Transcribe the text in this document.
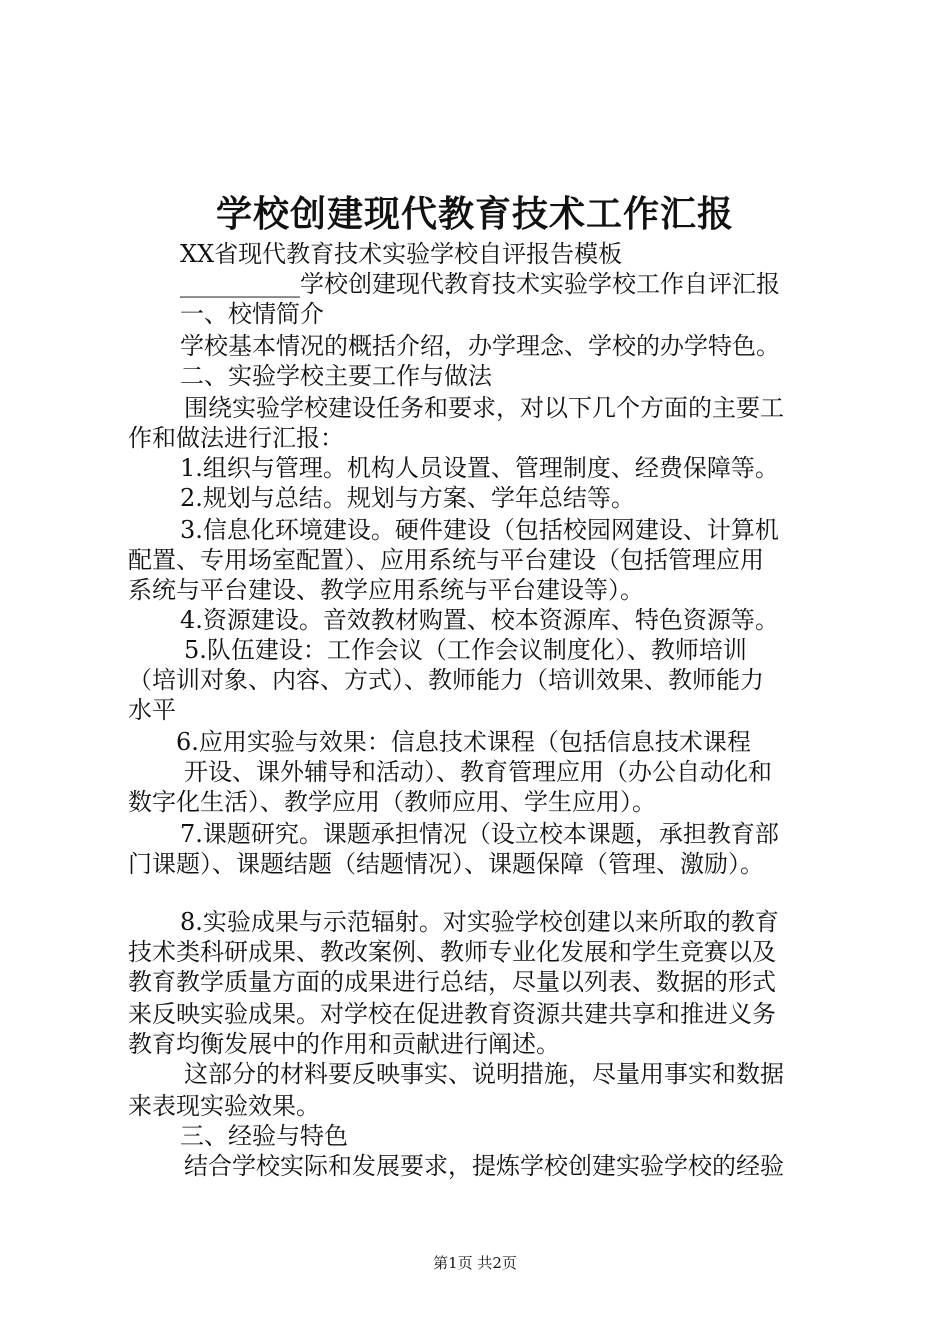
学校创建现代教育技术工作汇报
XX省现代教育技术实验学校自评报告模板
__________学校创建现代教育技术实验学校工作自评汇报
一、校情简介
学校基本情况的概括介绍，办学理念、学校的办学特色。
二、实验学校主要工作与做法
围绕实验学校建设任务和要求，对以下几个方面的主要工
作和做法进行汇报：
1.组织与管理。机构人员设置、管理制度、经费保障等。
2.规划与总结。规划与方案、学年总结等。
3.信息化环境建设。硬件建设（包括校园网建设、计算机
配置、专用场室配置）、应用系统与平台建设（包括管理应用
系统与平台建设、教学应用系统与平台建设等）。
4.资源建设。音效教材购置、校本资源库、特色资源等。
5.队伍建设：工作会议（工作会议制度化）、教师培训
（培训对象、内容、方式）、教师能力（培训效果、教师能力
水平
6.应用实验与效果：信息技术课程（包括信息技术课程
开设、课外辅导和活动）、教育管理应用（办公自动化和
数字化生活）、教学应用（教师应用、学生应用）。
7.课题研究。课题承担情况（设立校本课题，承担教育部
门课题）、课题结题（结题情况）、课题保障（管理、激励）。
8.实验成果与示范辐射。对实验学校创建以来所取的教育
技术类科研成果、教改案例、教师专业化发展和学生竞赛以及
教育教学质量方面的成果进行总结，尽量以列表、数据的形式
来反映实验成果。对学校在促进教育资源共建共享和推进义务
教育均衡发展中的作用和贡献进行阐述。
这部分的材料要反映事实、说明措施，尽量用事实和数据
来表现实验效果。
三、经验与特色
结合学校实际和发展要求，提炼学校创建实验学校的经验
第1页 共2页
